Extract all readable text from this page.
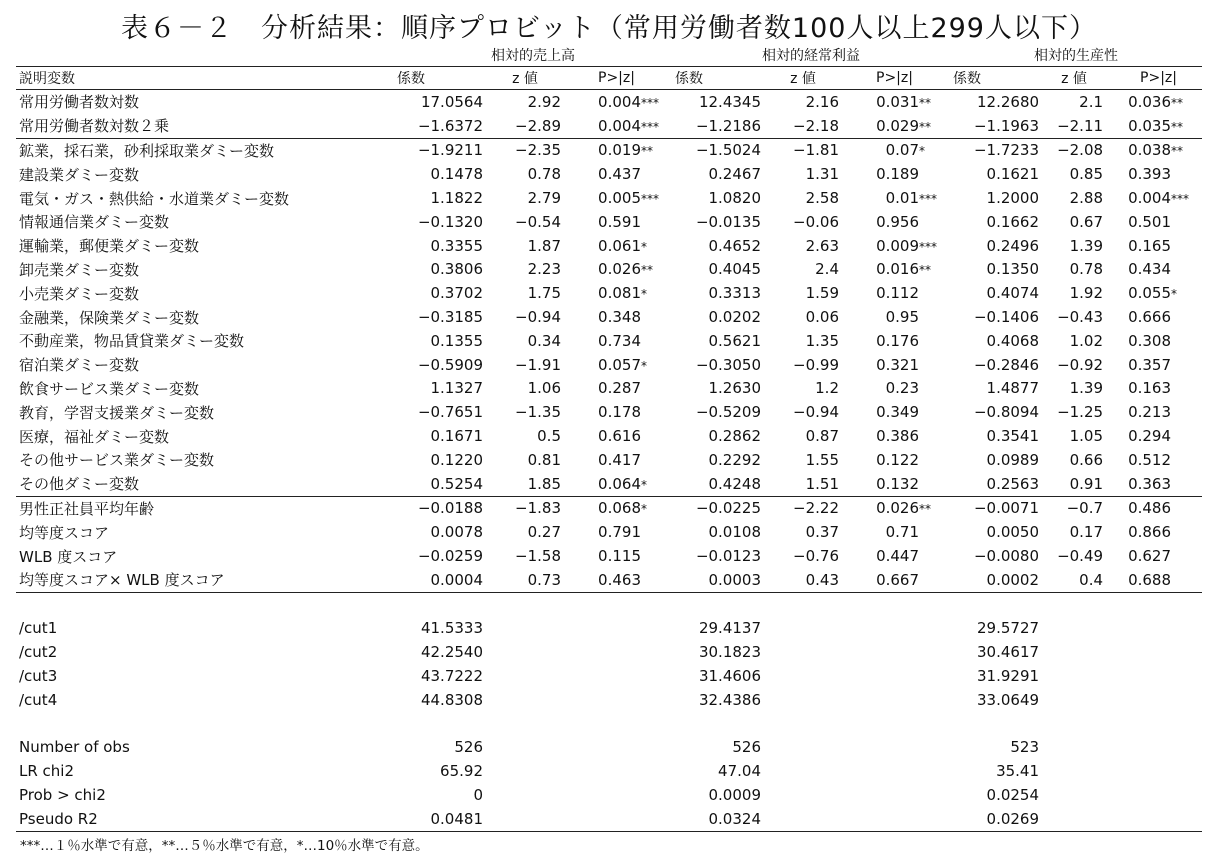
表６－２　分析結果：順序プロビット（常用労働者数100人以上299人以下）
	相対的売上高			相対的経常利益			相対的生産性		
説明変数	係数	z 値	P>|z|	係数	z 値	P>|z|	係数	z 値	P>|z|
常用労働者数対数	17.0564	2.92	0.004***	12.4345	2.16	0.031**	12.2680	2.1	0.036**
常用労働者数対数２乗	−1.6372	−2.89	0.004***	−1.2186	−2.18	0.029**	−1.1963	−2.11	0.035**
鉱業，採石業，砂利採取業ダミー変数	−1.9211	−2.35	0.019**	−1.5024	−1.81	0.07*	−1.7233	−2.08	0.038**
建設業ダミー変数	0.1478	0.78	0.437	0.2467	1.31	0.189	0.1621	0.85	0.393
電気・ガス・熱供給・水道業ダミー変数	1.1822	2.79	0.005***	1.0820	2.58	0.01***	1.2000	2.88	0.004***
情報通信業ダミー変数	−0.1320	−0.54	0.591	−0.0135	−0.06	0.956	0.1662	0.67	0.501
運輸業，郵便業ダミー変数	0.3355	1.87	0.061*	0.4652	2.63	0.009***	0.2496	1.39	0.165
卸売業ダミー変数	0.3806	2.23	0.026**	0.4045	2.4	0.016**	0.1350	0.78	0.434
小売業ダミー変数	0.3702	1.75	0.081*	0.3313	1.59	0.112	0.4074	1.92	0.055*
金融業，保険業ダミー変数	−0.3185	−0.94	0.348	0.0202	0.06	0.95	−0.1406	−0.43	0.666
不動産業，物品賃貸業ダミー変数	0.1355	0.34	0.734	0.5621	1.35	0.176	0.4068	1.02	0.308
宿泊業ダミー変数	−0.5909	−1.91	0.057*	−0.3050	−0.99	0.321	−0.2846	−0.92	0.357
飲食サービス業ダミー変数	1.1327	1.06	0.287	1.2630	1.2	0.23	1.4877	1.39	0.163
教育，学習支援業ダミー変数	−0.7651	−1.35	0.178	−0.5209	−0.94	0.349	−0.8094	−1.25	0.213
医療，福祉ダミー変数	0.1671	0.5	0.616	0.2862	0.87	0.386	0.3541	1.05	0.294
その他サービス業ダミー変数	0.1220	0.81	0.417	0.2292	1.55	0.122	0.0989	0.66	0.512
その他ダミー変数	0.5254	1.85	0.064*	0.4248	1.51	0.132	0.2563	0.91	0.363
男性正社員平均年齢	−0.0188	−1.83	0.068*	−0.0225	−2.22	0.026**	−0.0071	−0.7	0.486
均等度スコア	0.0078	0.27	0.791	0.0108	0.37	0.71	0.0050	0.17	0.866
WLB 度スコア	−0.0259	−1.58	0.115	−0.0123	−0.76	0.447	−0.0080	−0.49	0.627
均等度スコア× WLB 度スコア	0.0004	0.73	0.463	0.0003	0.43	0.667	0.0002	0.4	0.688

/cut1	41.5333			29.4137			29.5727		
/cut2	42.2540			30.1823			30.4617		
/cut3	43.7222			31.4606			31.9291		
/cut4	44.8308			32.4386			33.0649		

Number of obs	526			526			523		
LR chi2	65.92			47.04			35.41		
Prob > chi2	0			0.0009			0.0254		
Pseudo R2	0.0481			0.0324			0.0269		
***…１％水準で有意，**…５％水準で有意，*…10％水準で有意。
